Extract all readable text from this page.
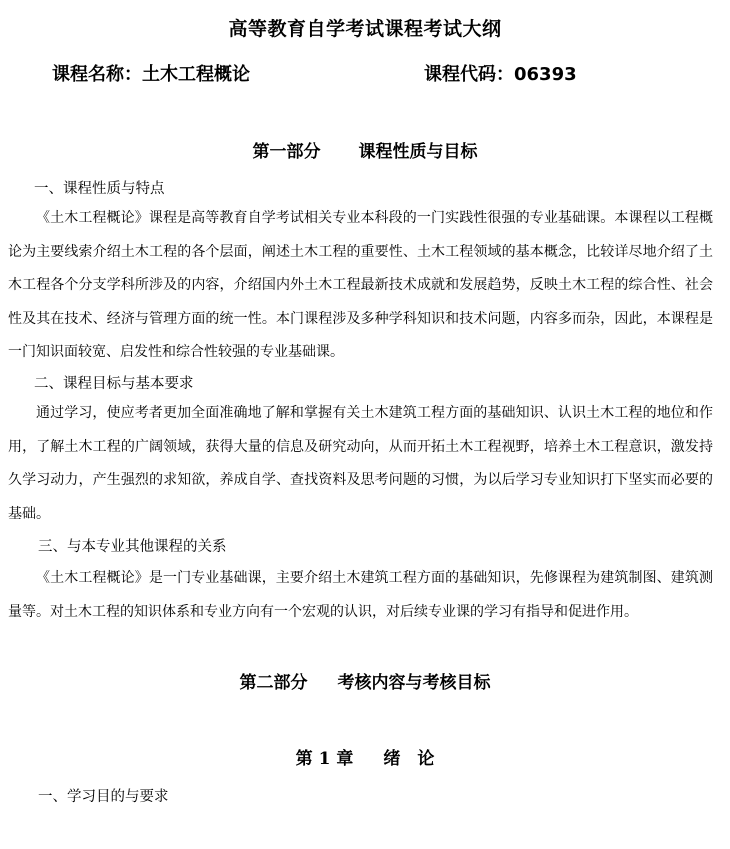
高等教育自学考试课程考试大纲
课程名称：土木工程概论	课程代码：06393
第一部分 课程性质与目标
一、课程性质与特点
《土木工程概论》课程是高等教育自学考试相关专业本科段的一门实践性很强的专业基础课。本课程以工程概论为主要线索介绍土木工程的各个层面，阐述土木工程的重要性、土木工程领域的基本概念，比较详尽地介绍了土木工程各个分支学科所涉及的内容，介绍国内外土木工程最新技术成就和发展趋势，反映土木工程的综合性、社会性及其在技术、经济与管理方面的统一性。本门课程涉及多种学科知识和技术问题，内容多而杂，因此，本课程是一门知识面较宽、启发性和综合性较强的专业基础课。
二、课程目标与基本要求
通过学习，使应考者更加全面准确地了解和掌握有关土木建筑工程方面的基础知识、认识土木工程的地位和作用，了解土木工程的广阔领域，获得大量的信息及研究动向，从而开拓土木工程视野，培养土木工程意识，激发持久学习动力，产生强烈的求知欲，养成自学、查找资料及思考问题的习惯，为以后学习专业知识打下坚实而必要的基础。
三、与本专业其他课程的关系
《土木工程概论》是一门专业基础课，主要介绍土木建筑工程方面的基础知识，先修课程为建筑制图、建筑测量等。对土木工程的知识体系和专业方向有一个宏观的认识，对后续专业课的学习有指导和促进作用。
第二部分 考核内容与考核目标
第 1 章 绪　论
一、学习目的与要求
